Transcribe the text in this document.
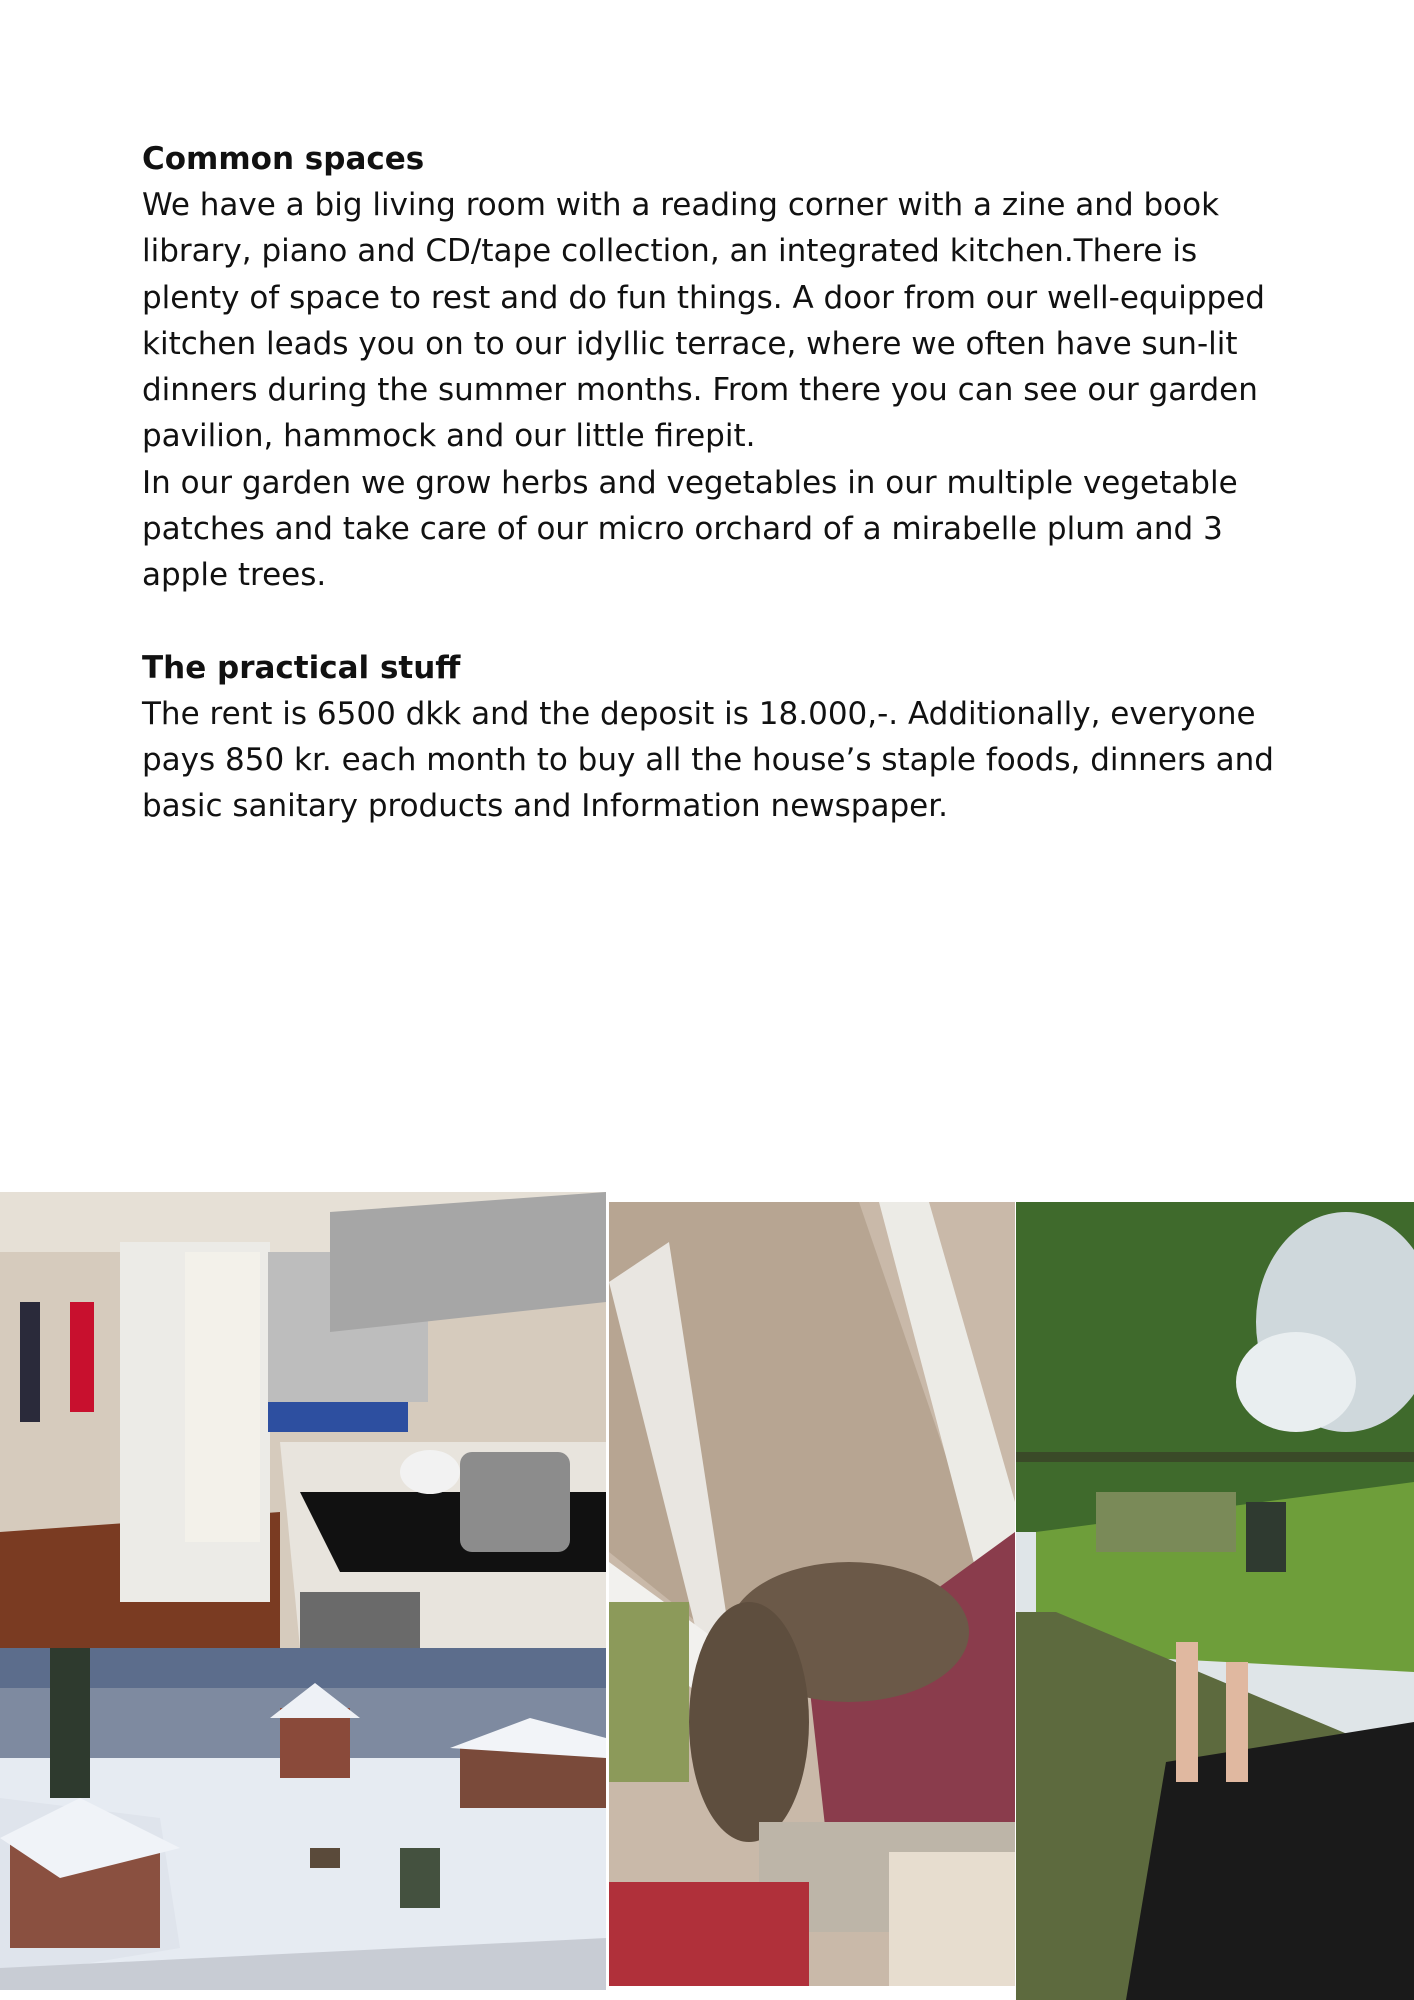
Common spaces

We have a big living room with a reading corner with a zine and book library, piano and CD/tape collection, an integrated kitchen.There is plenty of space to rest and do fun things. A door from our well-equipped kitchen leads you on to our idyllic terrace, where we often have sun-lit dinners during the summer months. From there you can see our garden pavilion, hammock and our little firepit.

In our garden we grow herbs and vegetables in our multiple vegetable patches and take care of our micro orchard of a mirabelle plum and 3 apple trees.

The practical stuff

The rent is 6500 dkk and the deposit is 18.000,-. Additionally, everyone pays 850 kr. each month to buy all the house’s staple foods, dinners and basic sanitary products and Information newspaper.
